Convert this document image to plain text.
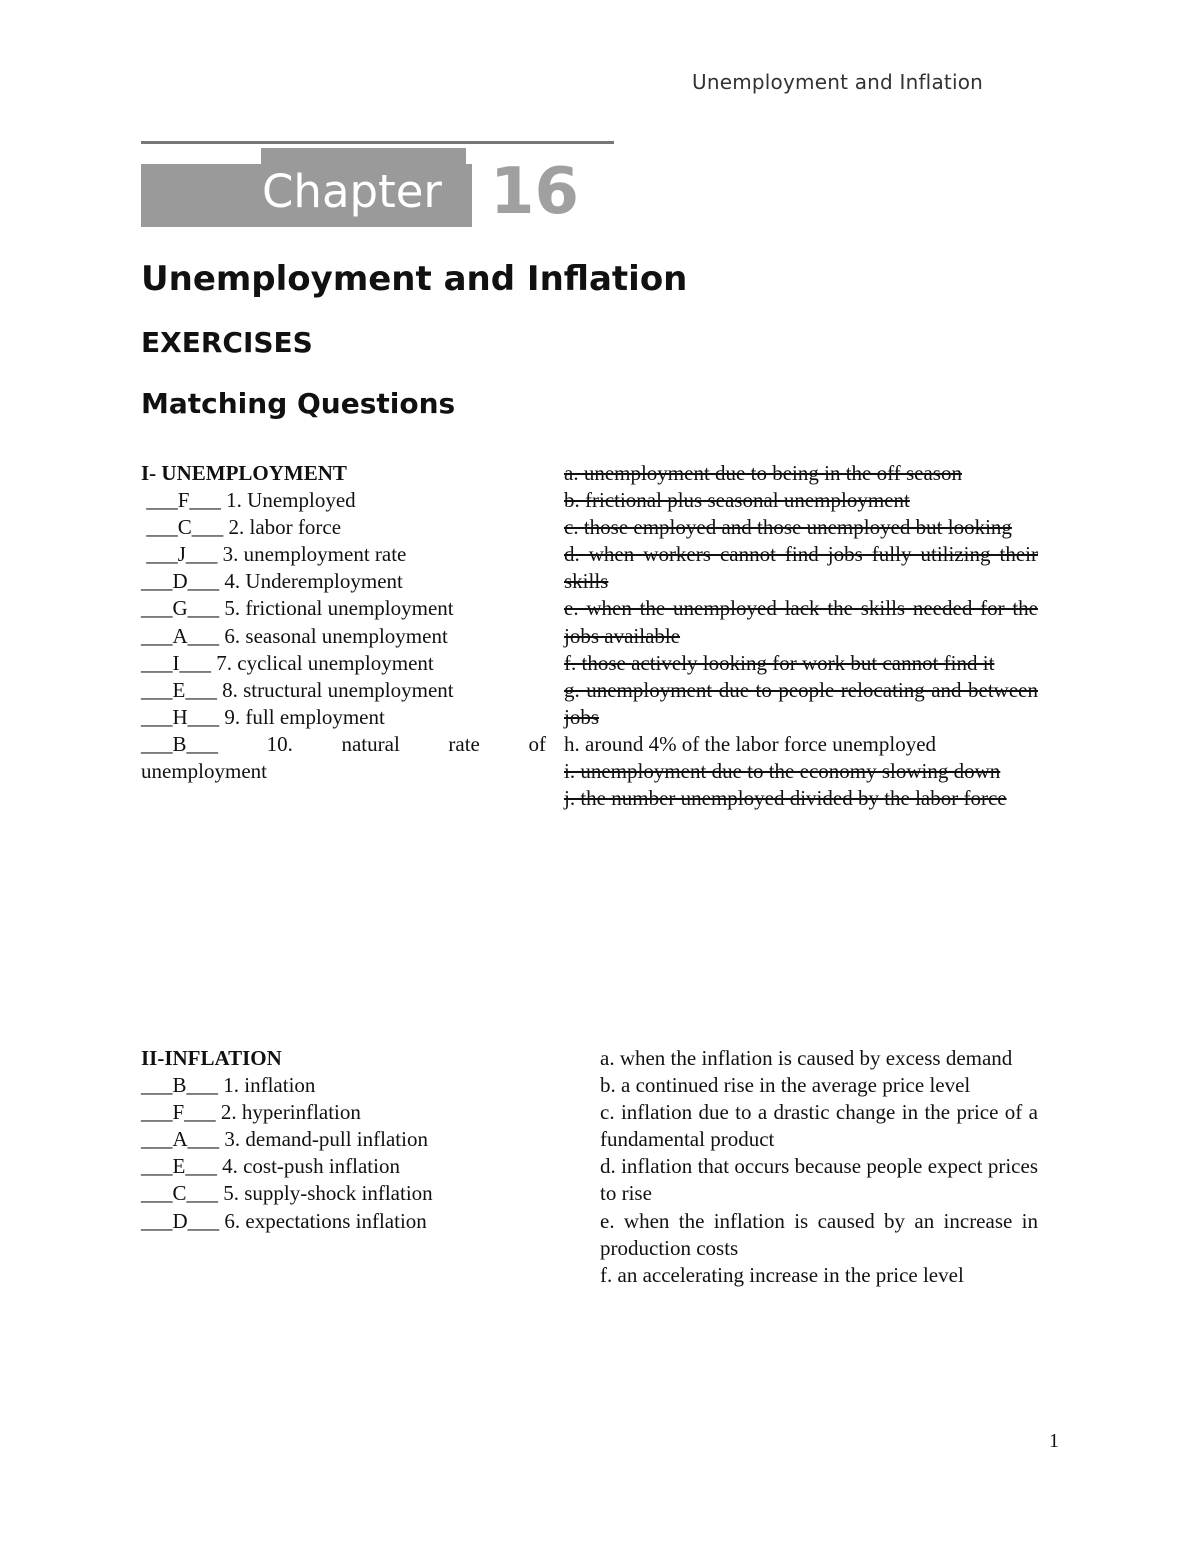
Unemployment and Inflation
Chapter 16
Unemployment and Inflation
EXERCISES
Matching Questions
I- UNEMPLOYMENT
___F___ 1. Unemployed
___C___ 2. labor force
___J___ 3. unemployment rate
___D___ 4. Underemployment
___G___ 5. frictional unemployment
___A___ 6. seasonal unemployment
___I___ 7. cyclical unemployment
___E___ 8. structural unemployment
___H___ 9. full employment
___B___ 10. natural rate of unemployment
a. unemployment due to being in the off season
b. frictional plus seasonal unemployment
c. those employed and those unemployed but looking
d. when workers cannot find jobs fully utilizing their skills
e. when the unemployed lack the skills needed for the jobs available
f. those actively looking for work but cannot find it
g. unemployment due to people relocating and between jobs
h. around 4% of the labor force unemployed
i. unemployment due to the economy slowing down
j. the number unemployed divided by the labor force
II-INFLATION
___B___ 1. inflation
___F___ 2. hyperinflation
___A___ 3. demand-pull inflation
___E___ 4. cost-push inflation
___C___ 5. supply-shock inflation
___D___ 6. expectations inflation
a. when the inflation is caused by excess demand
b. a continued rise in the average price level
c. inflation due to a drastic change in the price of a fundamental product
d. inflation that occurs because people expect prices to rise
e. when the inflation is caused by an increase in production costs
f. an accelerating increase in the price level
1
